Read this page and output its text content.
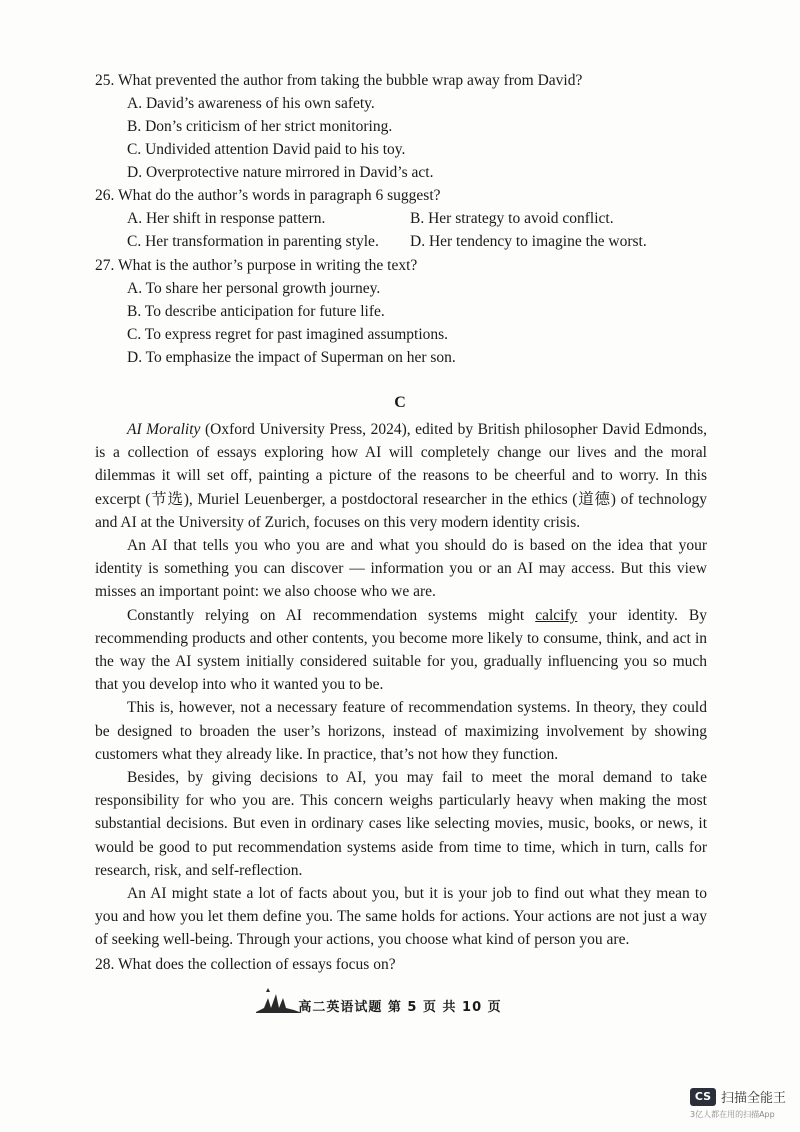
25. What prevented the author from taking the bubble wrap away from David?
A. David’s awareness of his own safety.
B. Don’s criticism of her strict monitoring.
C. Undivided attention David paid to his toy.
D. Overprotective nature mirrored in David’s act.
26. What do the author’s words in paragraph 6 suggest?
A. Her shift in response pattern.	B. Her strategy to avoid conflict.
C. Her transformation in parenting style. D. Her tendency to imagine the worst.
27. What is the author’s purpose in writing the text?
A. To share her personal growth journey.
B. To describe anticipation for future life.
C. To express regret for past imagined assumptions.
D. To emphasize the impact of Superman on her son.
C

AI Morality (Oxford University Press, 2024), edited by British philosopher David Edmonds, is a collection of essays exploring how AI will completely change our lives and the moral dilemmas it will set off, painting a picture of the reasons to be cheerful and to worry. In this excerpt (节选), Muriel Leuenberger, a postdoctoral researcher in the ethics (道德) of technology and AI at the University of Zurich, focuses on this very modern identity crisis.

An AI that tells you who you are and what you should do is based on the idea that your identity is something you can discover — information you or an AI may access. But this view misses an important point: we also choose who we are.

Constantly relying on AI recommendation systems might calcify your identity. By recommending products and other contents, you become more likely to consume, think, and act in the way the AI system initially considered suitable for you, gradually influencing you so much that you develop into who it wanted you to be.

This is, however, not a necessary feature of recommendation systems. In theory, they could be designed to broaden the user’s horizons, instead of maximizing involvement by showing customers what they already like. In practice, that’s not how they function.

Besides, by giving decisions to AI, you may fail to meet the moral demand to take responsibility for who you are. This concern weighs particularly heavy when making the most substantial decisions. But even in ordinary cases like selecting movies, music, books, or news, it would be good to put recommendation systems aside from time to time, which in turn, calls for research, risk, and self-reflection.

An AI might state a lot of facts about you, but it is your job to find out what they mean to you and how you let them define you. The same holds for actions. Your actions are not just a way of seeking well-being. Through your actions, you choose what kind of person you are.

28. What does the collection of essays focus on?
高二英语试题 第 5 页 共 10 页
CS 扫描全能王
3亿人都在用的扫描App
